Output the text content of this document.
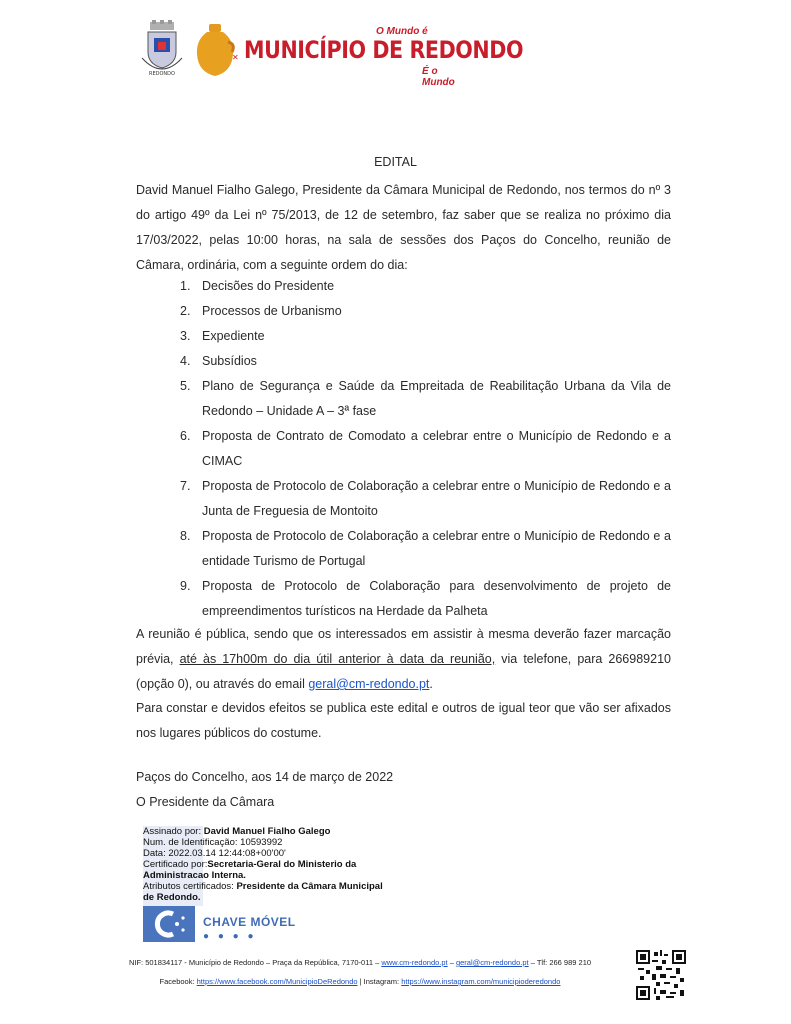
REDONDO
✕
O Mundo é
MUNICÍPIO DE REDONDO
É o Mundo
EDITAL
David Manuel Fialho Galego, Presidente da Câmara Municipal de Redondo, nos termos do nº 3 do artigo 49º da Lei nº 75/2013, de 12 de setembro, faz saber que se realiza no próximo dia 17/03/2022, pelas 10:00 horas, na sala de sessões dos Paços do Concelho, reunião de Câmara, ordinária, com a seguinte ordem do dia:
1. Decisões do Presidente
2. Processos de Urbanismo
3. Expediente
4. Subsídios
5. Plano de Segurança e Saúde da Empreitada de Reabilitação Urbana da Vila de Redondo – Unidade A – 3ª fase
6. Proposta de Contrato de Comodato a celebrar entre o Município de Redondo e a CIMAC
7. Proposta de Protocolo de Colaboração a celebrar entre o Município de Redondo e a Junta de Freguesia de Montoito
8. Proposta de Protocolo de Colaboração a celebrar entre o Município de Redondo e a entidade Turismo de Portugal
9. Proposta de Protocolo de Colaboração para desenvolvimento de projeto de empreendimentos turísticos na Herdade da Palheta
A reunião é pública, sendo que os interessados em assistir à mesma deverão fazer marcação prévia, até às 17h00m do dia útil anterior à data da reunião, via telefone, para 266989210 (opção 0), ou através do email geral@cm-redondo.pt.
Para constar e devidos efeitos se publica este edital e outros de igual teor que vão ser afixados nos lugares públicos do costume.
Paços do Concelho, aos 14 de março de 2022
O Presidente da Câmara
Assinado por: David Manuel Fialho Galego
Num. de Identificação: 10593992
Data: 2022.03.14 12:44:08+00'00'
Certificado por:Secretaria-Geral do Ministerio da Administracao Interna.
Atributos certificados: Presidente da Câmara Municipal de Redondo.
CHAVE MÓVEL
● ● ● ●
NIF: 501834117 - Município de Redondo – Praça da República, 7170-011 – www.cm-redondo.pt – geral@cm-redondo.pt – Tlf: 266 989 210
Facebook: https://www.facebook.com/MunicipioDeRedondo | Instagram: https://www.instagram.com/municipioderedondo
